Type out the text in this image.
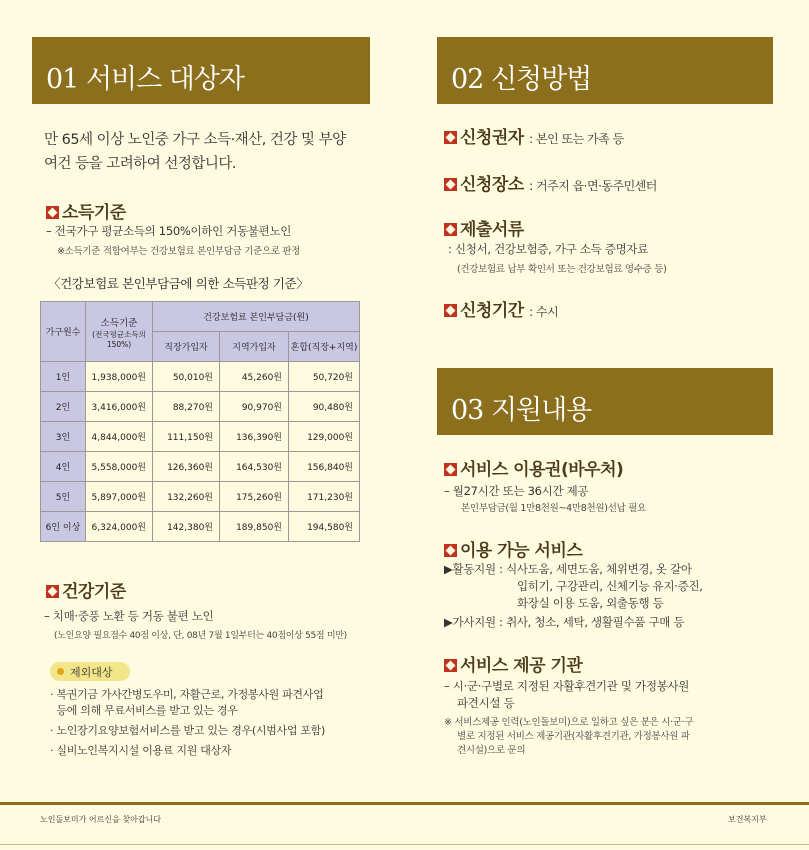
01 서비스 대상자
만 65세 이상 노인중 가구 소득·재산, 건강 및 부양
여건 등을 고려하여 선정합니다.
소득기준
– 전국가구 평균소득의 150%이하인 거동불편노인
※소득기준 적합여부는 건강보험료 본인부담금 기준으로 판정
〈건강보험료 본인부담금에 의한 소득판정 기준〉
가구원수	소득기준
(전국평균소득의
150%)	건강보험료 본인부담금(원)		
		직장가입자	지역가입자	혼합(직장+지역)
1인	1,938,000원	50,010원	45,260원	50,720원
2인	3,416,000원	88,270원	90,970원	90,480원
3인	4,844,000원	111,150원	136,390원	129,000원
4인	5,558,000원	126,360원	164,530원	156,840원
5인	5,897,000원	132,260원	175,260원	171,230원
6인 이상	6,324,000원	142,380원	189,850원	194,580원
건강기준
– 치매·중풍 노환 등 거동 불편 노인
(노인요양 필요점수 40점 이상, 단, 08년 7월 1일부터는 40점이상 55점 미만)
제외대상
· 복권기금 가사간병도우미, 자활근로, 가정봉사원 파견사업
등에 의해 무료서비스를 받고 있는 경우
· 노인장기요양보험서비스를 받고 있는 경우(시범사업 포함)
· 실비노인복지시설 이용료 지원 대상자
02 신청방법
신청권자 : 본인 또는 가족 등
신청장소 : 거주지 읍·면·동주민센터
제출서류
: 신청서, 건강보험증, 가구 소득 증명자료
(건강보험료 납부 확인서 또는 건강보험료 영수증 등)
신청기간 : 수시
03 지원내용
서비스 이용권(바우처)
– 월27시간 또는 36시간 제공
본인부담금(월 1만8천원~4만8천원)선납 필요
이용 가능 서비스
▶활동지원 : 식사도움, 세면도움, 체위변경, 옷 갈아
입히기, 구강관리, 신체기능 유지·증진,
화장실 이용 도움, 외출동행 등
▶가사지원 : 취사, 청소, 세탁, 생활필수품 구매 등
서비스 제공 기관
– 시·군·구별로 지정된 자활후견기관 및 가정봉사원
파견시설 등
※ 서비스제공 인력(노인돌보미)으로 일하고 싶은 분은 시·군·구
별로 지정된 서비스 제공기관(자활후견기관, 가정봉사원 파
견시설)으로 문의
노인돌보미가 어르신을 찾아갑니다	보건복지부
